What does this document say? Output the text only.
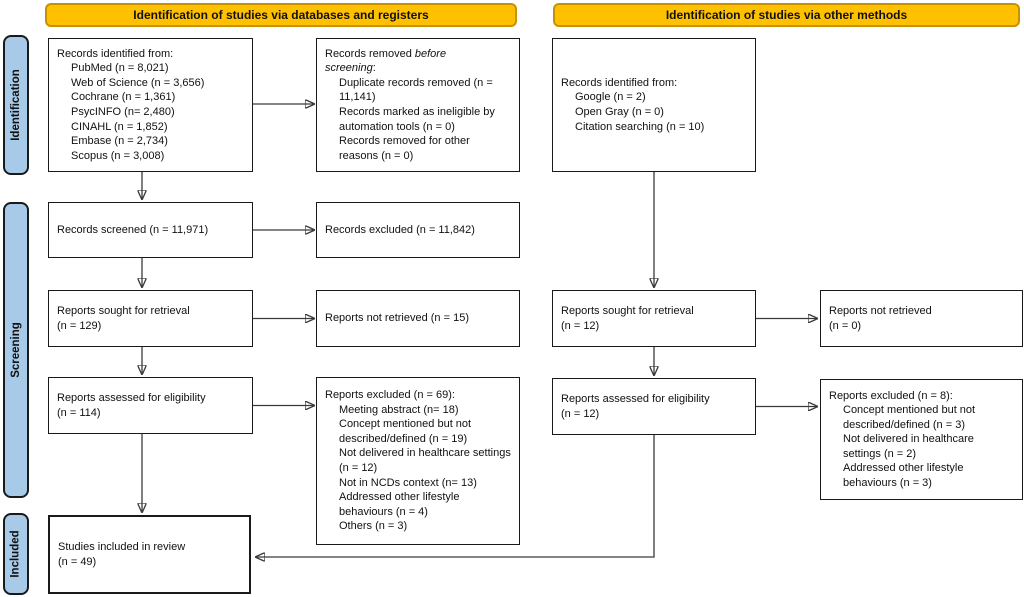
Identification of studies via databases and registers	Identification of studies via other methods
Identification
Screening
Included
Records identified from:
PubMed (n = 8,021)
Web of Science (n = 3,656)
Cochrane (n = 1,361)
PsycINFO (n= 2,480)
CINAHL (n = 1,852)
Embase (n = 2,734)
Scopus (n = 3,008)
Records removed before
screening:
Duplicate records removed (n = 11,141)
Records marked as ineligible by automation tools (n = 0)
Records removed for other reasons (n = 0)
Records screened (n = 11,971)	Records excluded (n = 11,842)
Reports sought for retrieval
(n = 129)
Reports not retrieved (n = 15)
Reports assessed for eligibility
(n = 114)
Reports excluded (n = 69):
Meeting abstract (n= 18)
Concept mentioned but not described/defined (n = 19)
Not delivered in healthcare settings (n = 12)
Not in NCDs context (n= 13)
Addressed other lifestyle behaviours (n = 4)
Others (n = 3)
Studies included in review
(n = 49)
Records identified from:
Google (n = 2)
Open Gray (n = 0)
Citation searching (n = 10)
Reports sought for retrieval
(n = 12)
Reports not retrieved
(n = 0)
Reports assessed for eligibility
(n = 12)
Reports excluded (n = 8):
Concept mentioned but not described/defined (n = 3)
Not delivered in healthcare settings (n = 2)
Addressed other lifestyle behaviours (n = 3)
